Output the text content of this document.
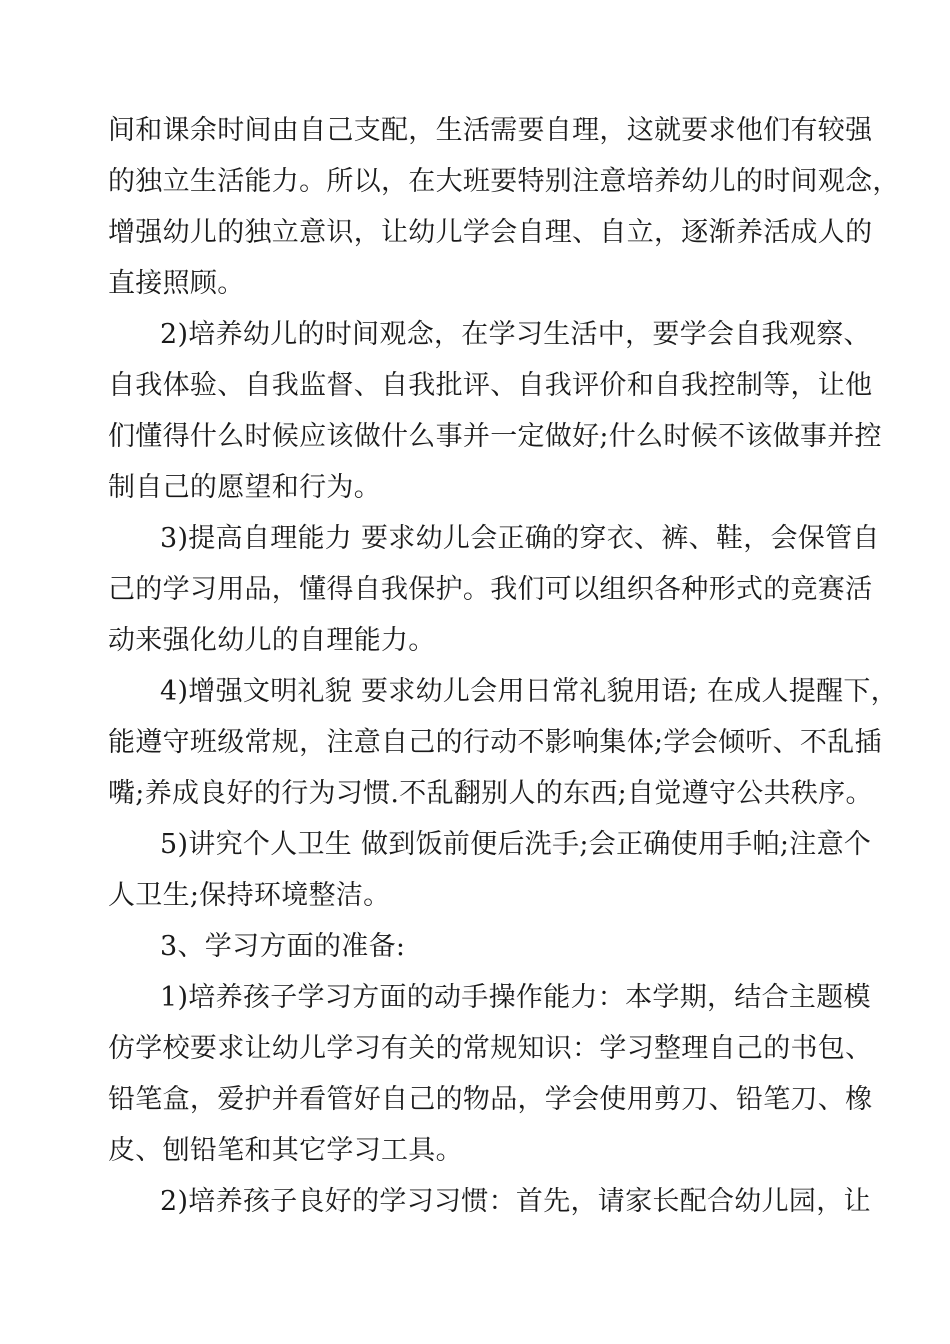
间和课余时间由自己支配，生活需要自理，这就要求他们有较强

的独立生活能力。所以，在大班要特别注意培养幼儿的时间观念，

增强幼儿的独立意识，让幼儿学会自理、自立，逐渐养活成人的

直接照顾。

2)培养幼儿的时间观念，在学习生活中，要学会自我观察、

自我体验、自我监督、自我批评、自我评价和自我控制等，让他

们懂得什么时候应该做什么事并一定做好;什么时候不该做事并控

制自己的愿望和行为。

3)提高自理能力 要求幼儿会正确的穿衣、裤、鞋，会保管自

己的学习用品，懂得自我保护。我们可以组织各种形式的竞赛活

动来强化幼儿的自理能力。

4)增强文明礼貌 要求幼儿会用日常礼貌用语; 在成人提醒下，

能遵守班级常规，注意自己的行动不影响集体;学会倾听、不乱插

嘴;养成良好的行为习惯.不乱翻别人的东西;自觉遵守公共秩序。

5)讲究个人卫生 做到饭前便后洗手;会正确使用手帕;注意个

人卫生;保持环境整洁。

3、学习方面的准备:

1)培养孩子学习方面的动手操作能力：本学期，结合主题模

仿学校要求让幼儿学习有关的常规知识：学习整理自己的书包、

铅笔盒，爱护并看管好自己的物品，学会使用剪刀、铅笔刀、橡

皮、刨铅笔和其它学习工具。

2)培养孩子良好的学习习惯：首先，请家长配合幼儿园，让
